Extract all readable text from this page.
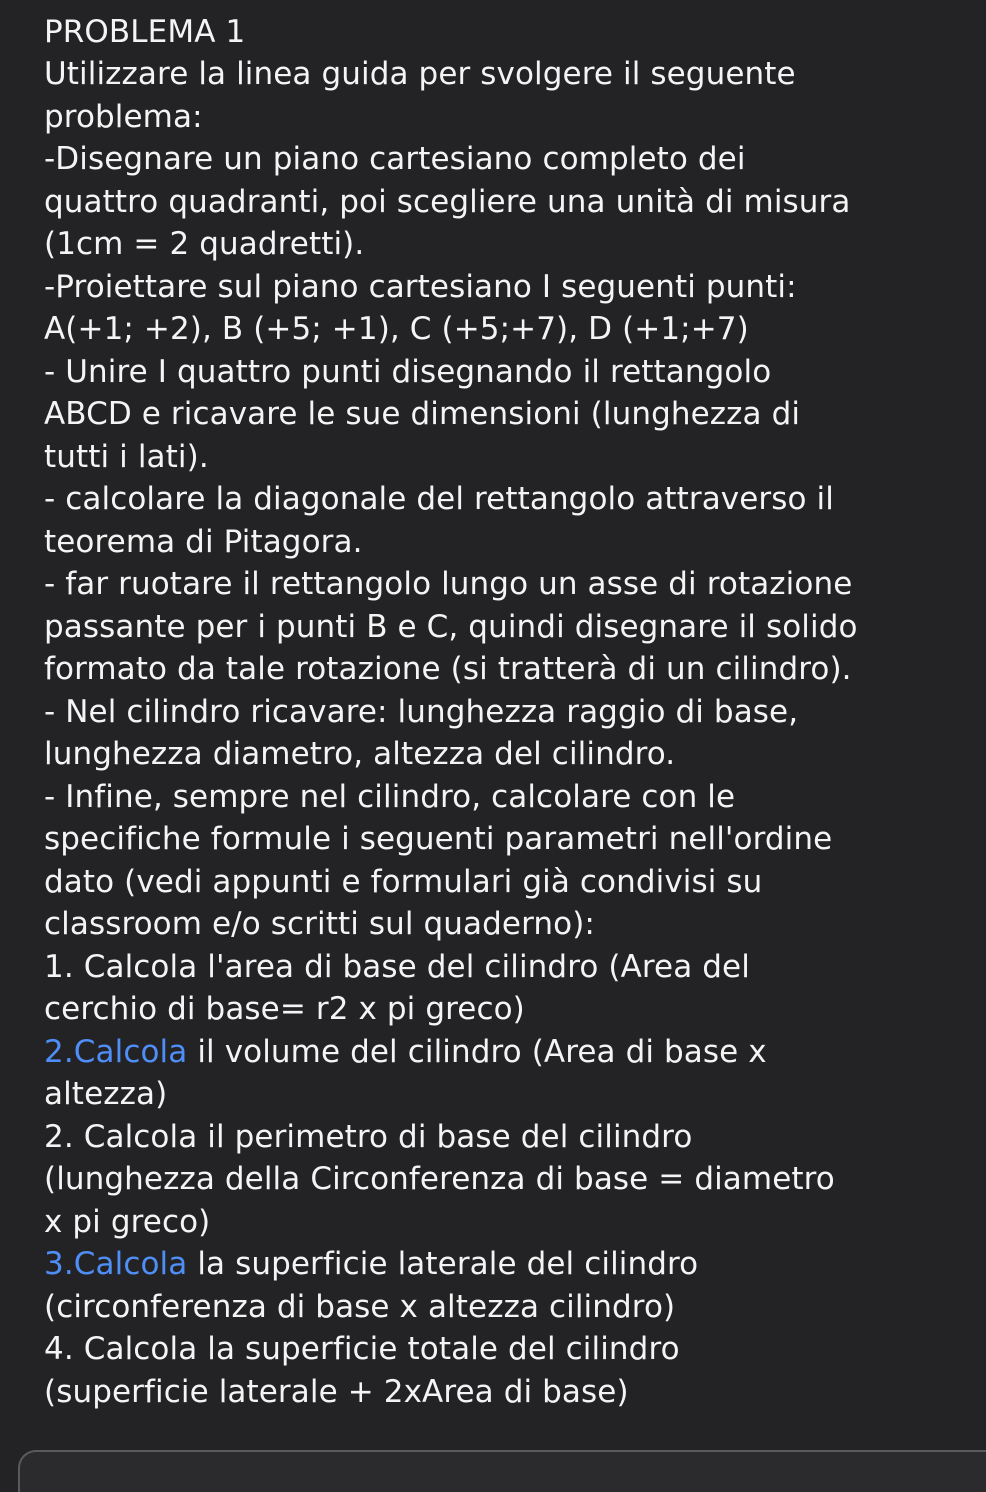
PROBLEMA 1
Utilizzare la linea guida per svolgere il seguente
problema:
-Disegnare un piano cartesiano completo dei
quattro quadranti, poi scegliere una unità di misura
(1cm = 2 quadretti).
-Proiettare sul piano cartesiano I seguenti punti:
A(+1; +2), B (+5; +1), C (+5;+7), D (+1;+7)
- Unire I quattro punti disegnando il rettangolo
ABCD e ricavare le sue dimensioni (lunghezza di
tutti i lati).
- calcolare la diagonale del rettangolo attraverso il
teorema di Pitagora.
- far ruotare il rettangolo lungo un asse di rotazione
passante per i punti B e C, quindi disegnare il solido
formato da tale rotazione (si tratterà di un cilindro).
- Nel cilindro ricavare: lunghezza raggio di base,
lunghezza diametro, altezza del cilindro.
- Infine, sempre nel cilindro, calcolare con le
specifiche formule i seguenti parametri nell'ordine
dato (vedi appunti e formulari già condivisi su
classroom e/o scritti sul quaderno):
1. Calcola l'area di base del cilindro (Area del
cerchio di base= r2 x pi greco)
2.Calcola il volume del cilindro (Area di base x
altezza)
2. Calcola il perimetro di base del cilindro
(lunghezza della Circonferenza di base = diametro
x pi greco)
3.Calcola la superficie laterale del cilindro
(circonferenza di base x altezza cilindro)
4. Calcola la superficie totale del cilindro
(superficie laterale + 2xArea di base)
